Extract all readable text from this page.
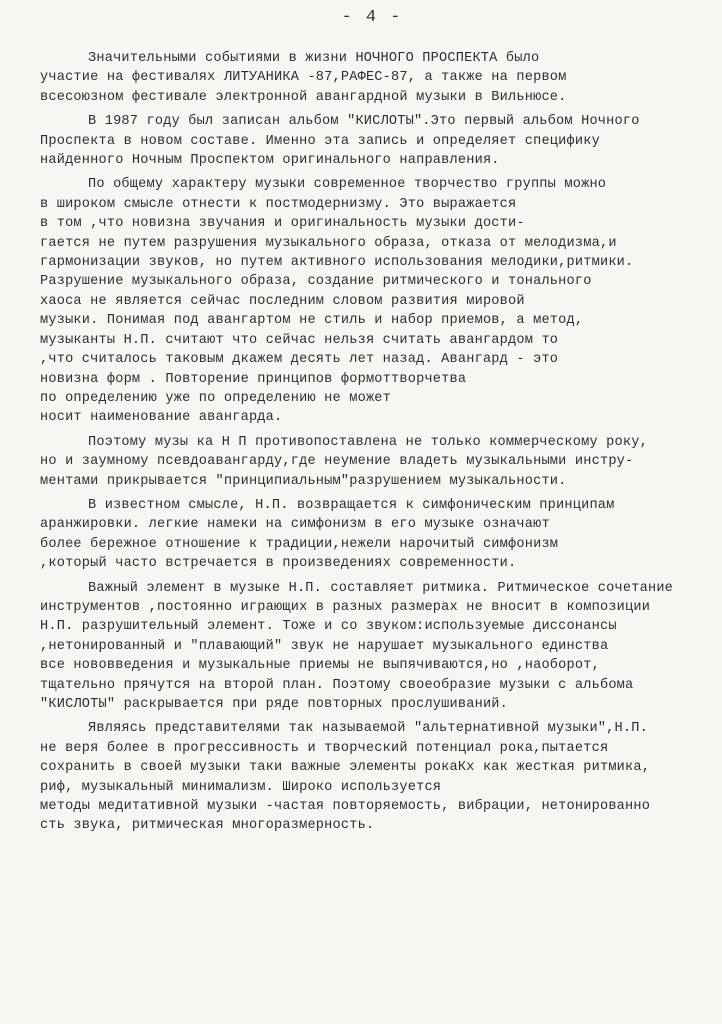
- 4 -
Значительными событиями в жизни НОЧНОГО ПРОСПЕКТА было
участие на фестивалях ЛИТУАНИКА -87,РАФЕС-87, а также на первом
всесоюзном фестивале электронной авангардной музыки в Вильнюсе.
В 1987 году был записан альбом "КИСЛОТЫ".Это первый альбом Ночного
Проспекта в новом составе. Именно эта запись и определяет специфику
найденного Ночным Проспектом оригинального направления.
По общему характеру музыки современное творчество группы можно
в широком смысле отнести к постмодернизму. Это выражается
в том ,что новизна звучания и оригинальность музыки дости-
гается не путем разрушения музыкального образа, отказа от мелодизма,и
гармонизации звуков, но путем активного использования мелодики,ритмики.
Разрушение музыкального образа, создание ритмического и тонального
хаоса не является сейчас последним словом развития мировой
музыки. Понимая под авангартом не стиль и набор приемов, а метод,
музыканты Н.П. считают что сейчас нельзя считать авангардом то
,что считалось таковым дкажем десять лет назад. Авангард - это
новизна форм . Повторение принципов формоттворчетва
по определению уже по определению не может
носит наименование авангарда.
Поэтому музы ка Н П противопоставлена не только коммерческому року,
но и заумному псевдоавангарду,где неумение владеть музыкальными инстру-
ментами прикрывается "принципиальным"разрушением музыкальности.
В известном смысле, Н.П. возвращается к симфоническим принципам
аранжировки. легкие намеки на симфонизм в его музыке означают
более бережное отношение к традиции,нежели нарочитый симфонизм
,который часто встречается в произведениях современности.
Важный элемент в музыке Н.П. составляет ритмика. Ритмическое сочетание
инструментов ,постоянно играющих в разных размерах не вносит в композиции
Н.П. разрушительный элемент. Тоже и со звуком:используемые диссонансы
,нетонированный и "плавающий" звук не нарушает музыкального единства
все нововведения и музыкальные приемы не выпячиваются,но ,наоборот,
тщательно прячутся на второй план. Поэтому своеобразие музыки с альбома
"КИСЛОТЫ" раскрывается при ряде повторных прослушиваний.
Являясь представителями так называемой "альтернативной музыки",Н.П.
не веря более в прогрессивность и творческий потенциал рока,пытается
сохранить в своей музыки таки важные элементы рокаКх как жесткая ритмика,
риф, музыкальный минимализм. Широко используется
методы медитативной музыки -частая повторяемость, вибрации, нетонированно
сть звука, ритмическая многоразмерность.
